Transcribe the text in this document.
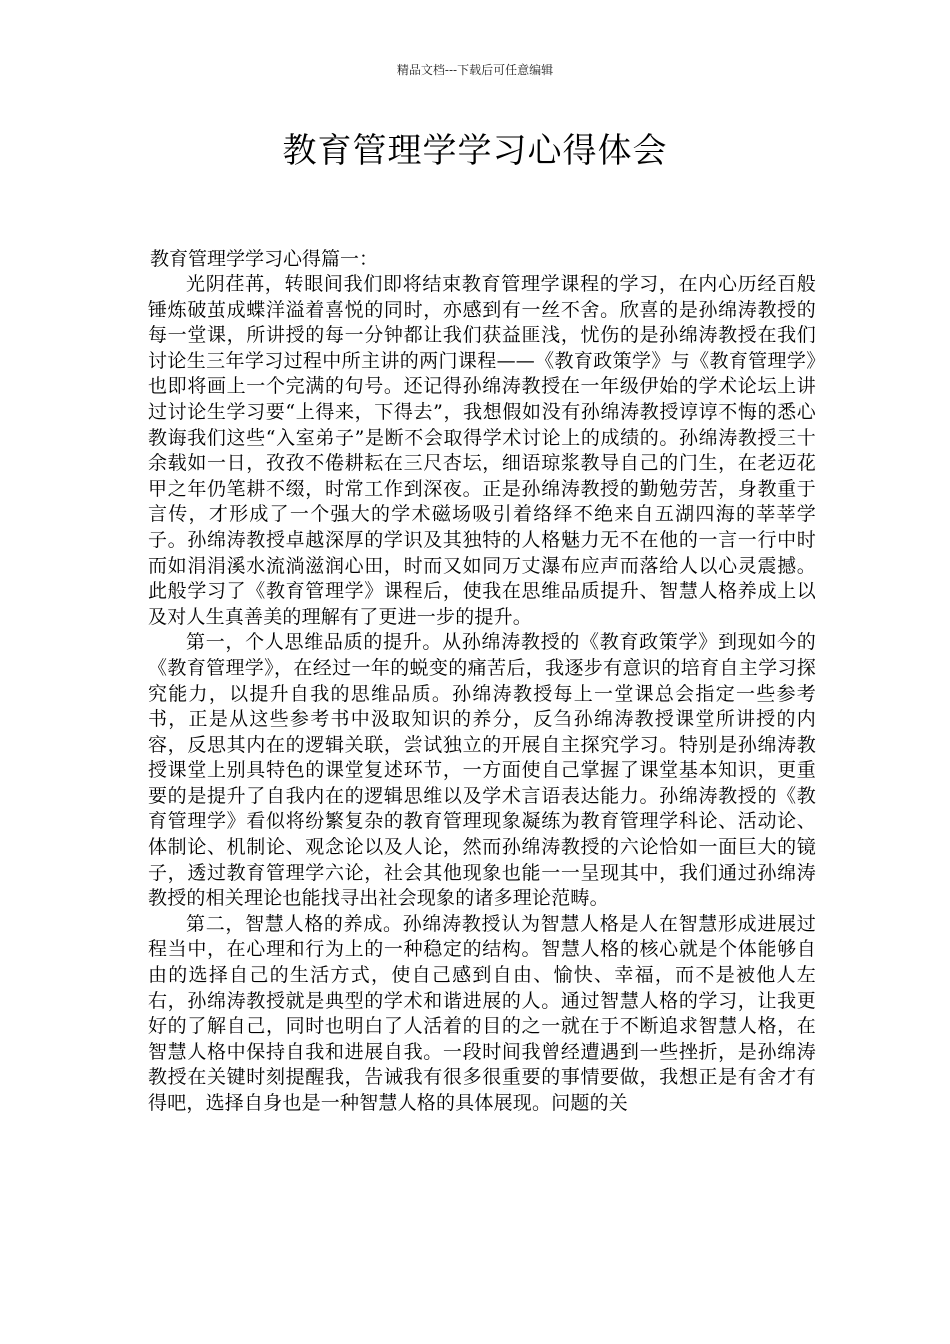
精品文档---下载后可任意编辑
教育管理学学习心得体会
教育管理学学习心得篇一：

光阴荏苒，转眼间我们即将结束教育管理学课程的学习，在内心历经百般锤炼破茧成蝶洋溢着喜悦的同时，亦感到有一丝不舍。欣喜的是孙绵涛教授的每一堂课，所讲授的每一分钟都让我们获益匪浅，忧伤的是孙绵涛教授在我们讨论生三年学习过程中所主讲的两门课程——《教育政策学》与《教育管理学》也即将画上一个完满的句号。还记得孙绵涛教授在一年级伊始的学术论坛上讲过讨论生学习要“上得来，下得去”，我想假如没有孙绵涛教授谆谆不悔的悉心教诲我们这些“入室弟子”是断不会取得学术讨论上的成绩的。孙绵涛教授三十余载如一日，孜孜不倦耕耘在三尺杏坛，细语琼浆教导自己的门生，在老迈花甲之年仍笔耕不缀，时常工作到深夜。正是孙绵涛教授的勤勉劳苦，身教重于言传，才形成了一个强大的学术磁场吸引着络绎不绝来自五湖四海的莘莘学子。孙绵涛教授卓越深厚的学识及其独特的人格魅力无不在他的一言一行中时而如涓涓溪水流淌滋润心田，时而又如同万丈瀑布应声而落给人以心灵震撼。此般学习了《教育管理学》课程后，使我在思维品质提升、智慧人格养成上以及对人生真善美的理解有了更进一步的提升。

第一，个人思维品质的提升。从孙绵涛教授的《教育政策学》到现如今的《教育管理学》，在经过一年的蜕变的痛苦后，我逐步有意识的培育自主学习探究能力，以提升自我的思维品质。孙绵涛教授每上一堂课总会指定一些参考书，正是从这些参考书中汲取知识的养分，反刍孙绵涛教授课堂所讲授的内容，反思其内在的逻辑关联，尝试独立的开展自主探究学习。特别是孙绵涛教授课堂上别具特色的课堂复述环节，一方面使自己掌握了课堂基本知识，更重要的是提升了自我内在的逻辑思维以及学术言语表达能力。孙绵涛教授的《教育管理学》看似将纷繁复杂的教育管理现象凝练为教育管理学科论、活动论、体制论、机制论、观念论以及人论，然而孙绵涛教授的六论恰如一面巨大的镜子，透过教育管理学六论，社会其他现象也能一一呈现其中，我们通过孙绵涛教授的相关理论也能找寻出社会现象的诸多理论范畴。

第二，智慧人格的养成。孙绵涛教授认为智慧人格是人在智慧形成进展过程当中，在心理和行为上的一种稳定的结构。智慧人格的核心就是个体能够自由的选择自己的生活方式，使自己感到自由、愉快、幸福，而不是被他人左右，孙绵涛教授就是典型的学术和谐进展的人。通过智慧人格的学习，让我更好的了解自己，同时也明白了人活着的目的之一就在于不断追求智慧人格，在智慧人格中保持自我和进展自我。一段时间我曾经遭遇到一些挫折，是孙绵涛教授在关键时刻提醒我，告诫我有很多很重要的事情要做，我想正是有舍才有得吧，选择自身也是一种智慧人格的具体展现。问题的关
